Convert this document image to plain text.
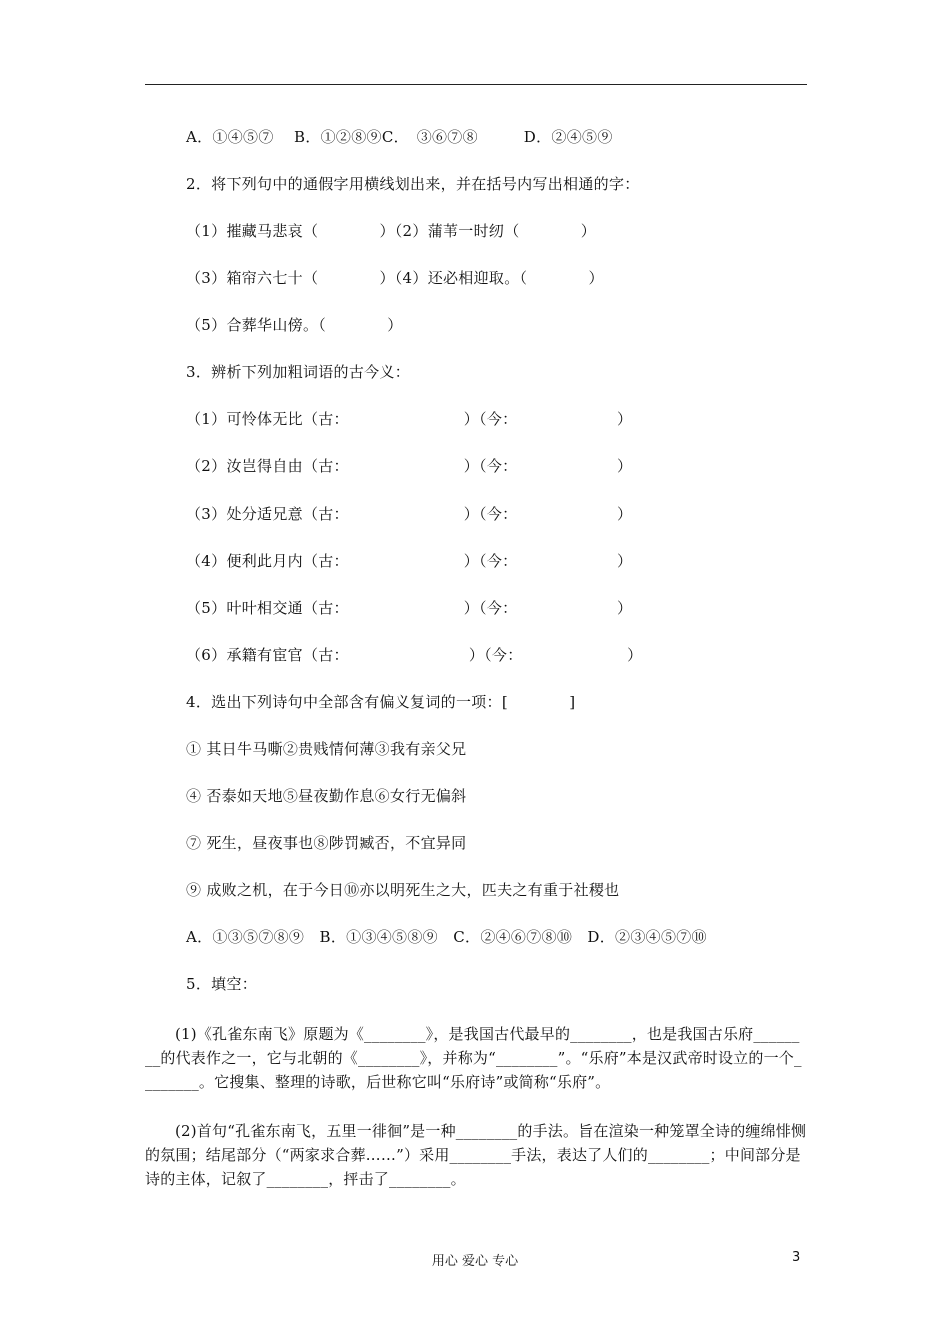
A．①④⑤⑦　 B．①②⑧⑨C．　③⑥⑦⑧　　　D．②④⑤⑨
2．将下列句中的通假字用横线划出来，并在括号内写出相通的字：
（1）摧藏马悲哀（　　　　）（2）蒲苇一时纫（　　　　）
（3）箱帘六七十（　　　　）（4）还必相迎取。（　　　　）
（5）合葬华山傍。（　　　　）
3．辨析下列加粗词语的古今义：
（1）可怜体无比（古：　　　　　　　　）（今：　　　　　　　）
（2）汝岂得自由（古：　　　　　　　　）（今：　　　　　　　）
（3）处分适兄意（古：　　　　　　　　）（今：　　　　　　　）
（4）便利此月内（古：　　　　　　　　）（今：　　　　　　　）
（5）叶叶相交通（古：　　　　　　　　）（今：　　　　　　　）
（6）承籍有宦官（古：　　　　　　　　 ）（今：　　　　　　　 ）
4．选出下列诗句中全部含有偏义复词的一项：[　　　　]
① 其日牛马嘶②贵贱情何薄③我有亲父兄
④ 否泰如天地⑤昼夜勤作息⑥女行无偏斜
⑦ 死生，昼夜事也⑧陟罚臧否，不宜异同
⑨ 成败之机，在于今日⑩亦以明死生之大，匹夫之有重于社稷也
A．①③⑤⑦⑧⑨　B．①③④⑤⑧⑨　C．②④⑥⑦⑧⑩　D．②③④⑤⑦⑩
5．填空：

(1)《孔雀东南飞》原题为《________》，是我国古代最早的________，也是我国古乐府________的代表作之一，它与北朝的《________》，并称为“________”。“乐府”本是汉武帝时设立的一个________。它搜集、整理的诗歌，后世称它叫“乐府诗”或简称“乐府”。

(2)首句“孔雀东南飞，五里一徘徊”是一种________的手法。旨在渲染一种笼罩全诗的缠绵悱恻的氛围；结尾部分（“两家求合葬……”）采用________手法，表达了人们的________；中间部分是诗的主体，记叙了________，抨击了________。

用心 爱心 专心	3
